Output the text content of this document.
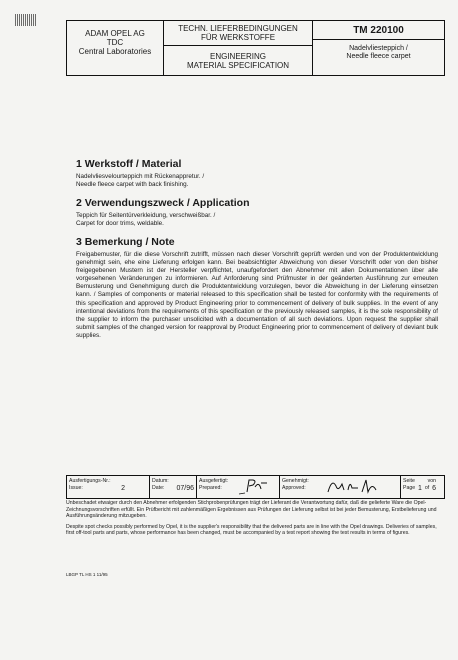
ADAM OPEL AG
TDC
Central Laboratories
TECHN. LIEFERBEDINGUNGEN
FÜR WERKSTOFFE
ENGINEERING
MATERIAL SPECIFICATION
TM 220100
Nadelvliesteppich /
Needle fleece carpet
1 Werkstoff / Material
Nadelvliesvelourteppich mit Rückenappretur. /
Needle fleece carpet with back finishing.
2 Verwendungszweck / Application
Teppich für Seitentürverkleidung, verschweißbar. /
Carpet for door trims, weldable.
3 Bemerkung / Note

Freigabemuster, für die diese Vorschrift zutrifft, müssen nach dieser Vorschrift geprüft werden und von der Produktentwicklung genehmigt sein, ehe eine Lieferung erfolgen kann. Bei beabsichtigter Abweichung von dieser Vorschrift oder von den bisher freigegebenen Mustern ist der Hersteller verpflichtet, unaufgefordert den Abnehmer mit allen Dokumentationen über alle vorgesehenen Veränderungen zu informieren. Auf Anforderung sind Prüfmuster in der geänderten Ausführung zur erneuten Bemusterung und Genehmigung durch die Produktentwicklung vorzulegen, bevor die Abweichung in der Lieferung einsetzen kann. / Samples of components or material released to this specification shall be tested for conformity with the requirements of this specification and approved by Product Engineering prior to commencement of delivery of bulk supplies. In the event of any intentional deviations from the requirements of this specification or the previously released samples, it is the sole responsibility of the supplier to inform the purchaser unsolicited with a documentation of all such deviations. Upon request the supplier shall submit samples of the changed version for reapproval by Product Engineering prior to commencement of delivery of deviant bulk supplies.

Ausfertigungs-Nr.:
Issue:	2
Datum:
Date: 07/96
Ausgefertigt:
Prepared:
Genehmigt:
Approved:
Seite von
Page 1 of 6

Unbeschadet etwaiger durch den Abnehmer erfolgenden Stichprobenprüfungen trägt der Lieferant die Verantwortung dafür, daß die gelieferte Ware die Opel-Zeichnungsvorschriften erfüllt. Ein Prüfbericht mit zahlenmäßigen Ergebnissen aus Prüfungen der Lieferung selbst ist bei jeder Bemusterung, Erstbelieferung und Ausführungsänderung mitzugeben.

Despite spot checks possibly performed by Opel, it is the supplier's responsibility that the delivered parts are in line with the Opel drawings. Deliveries of samples, first off-tool parts and parts, whose performance has been changed, must be accompanied by a test report showing the test results in terms of figures.

LBGP TL HS 1 11/95
